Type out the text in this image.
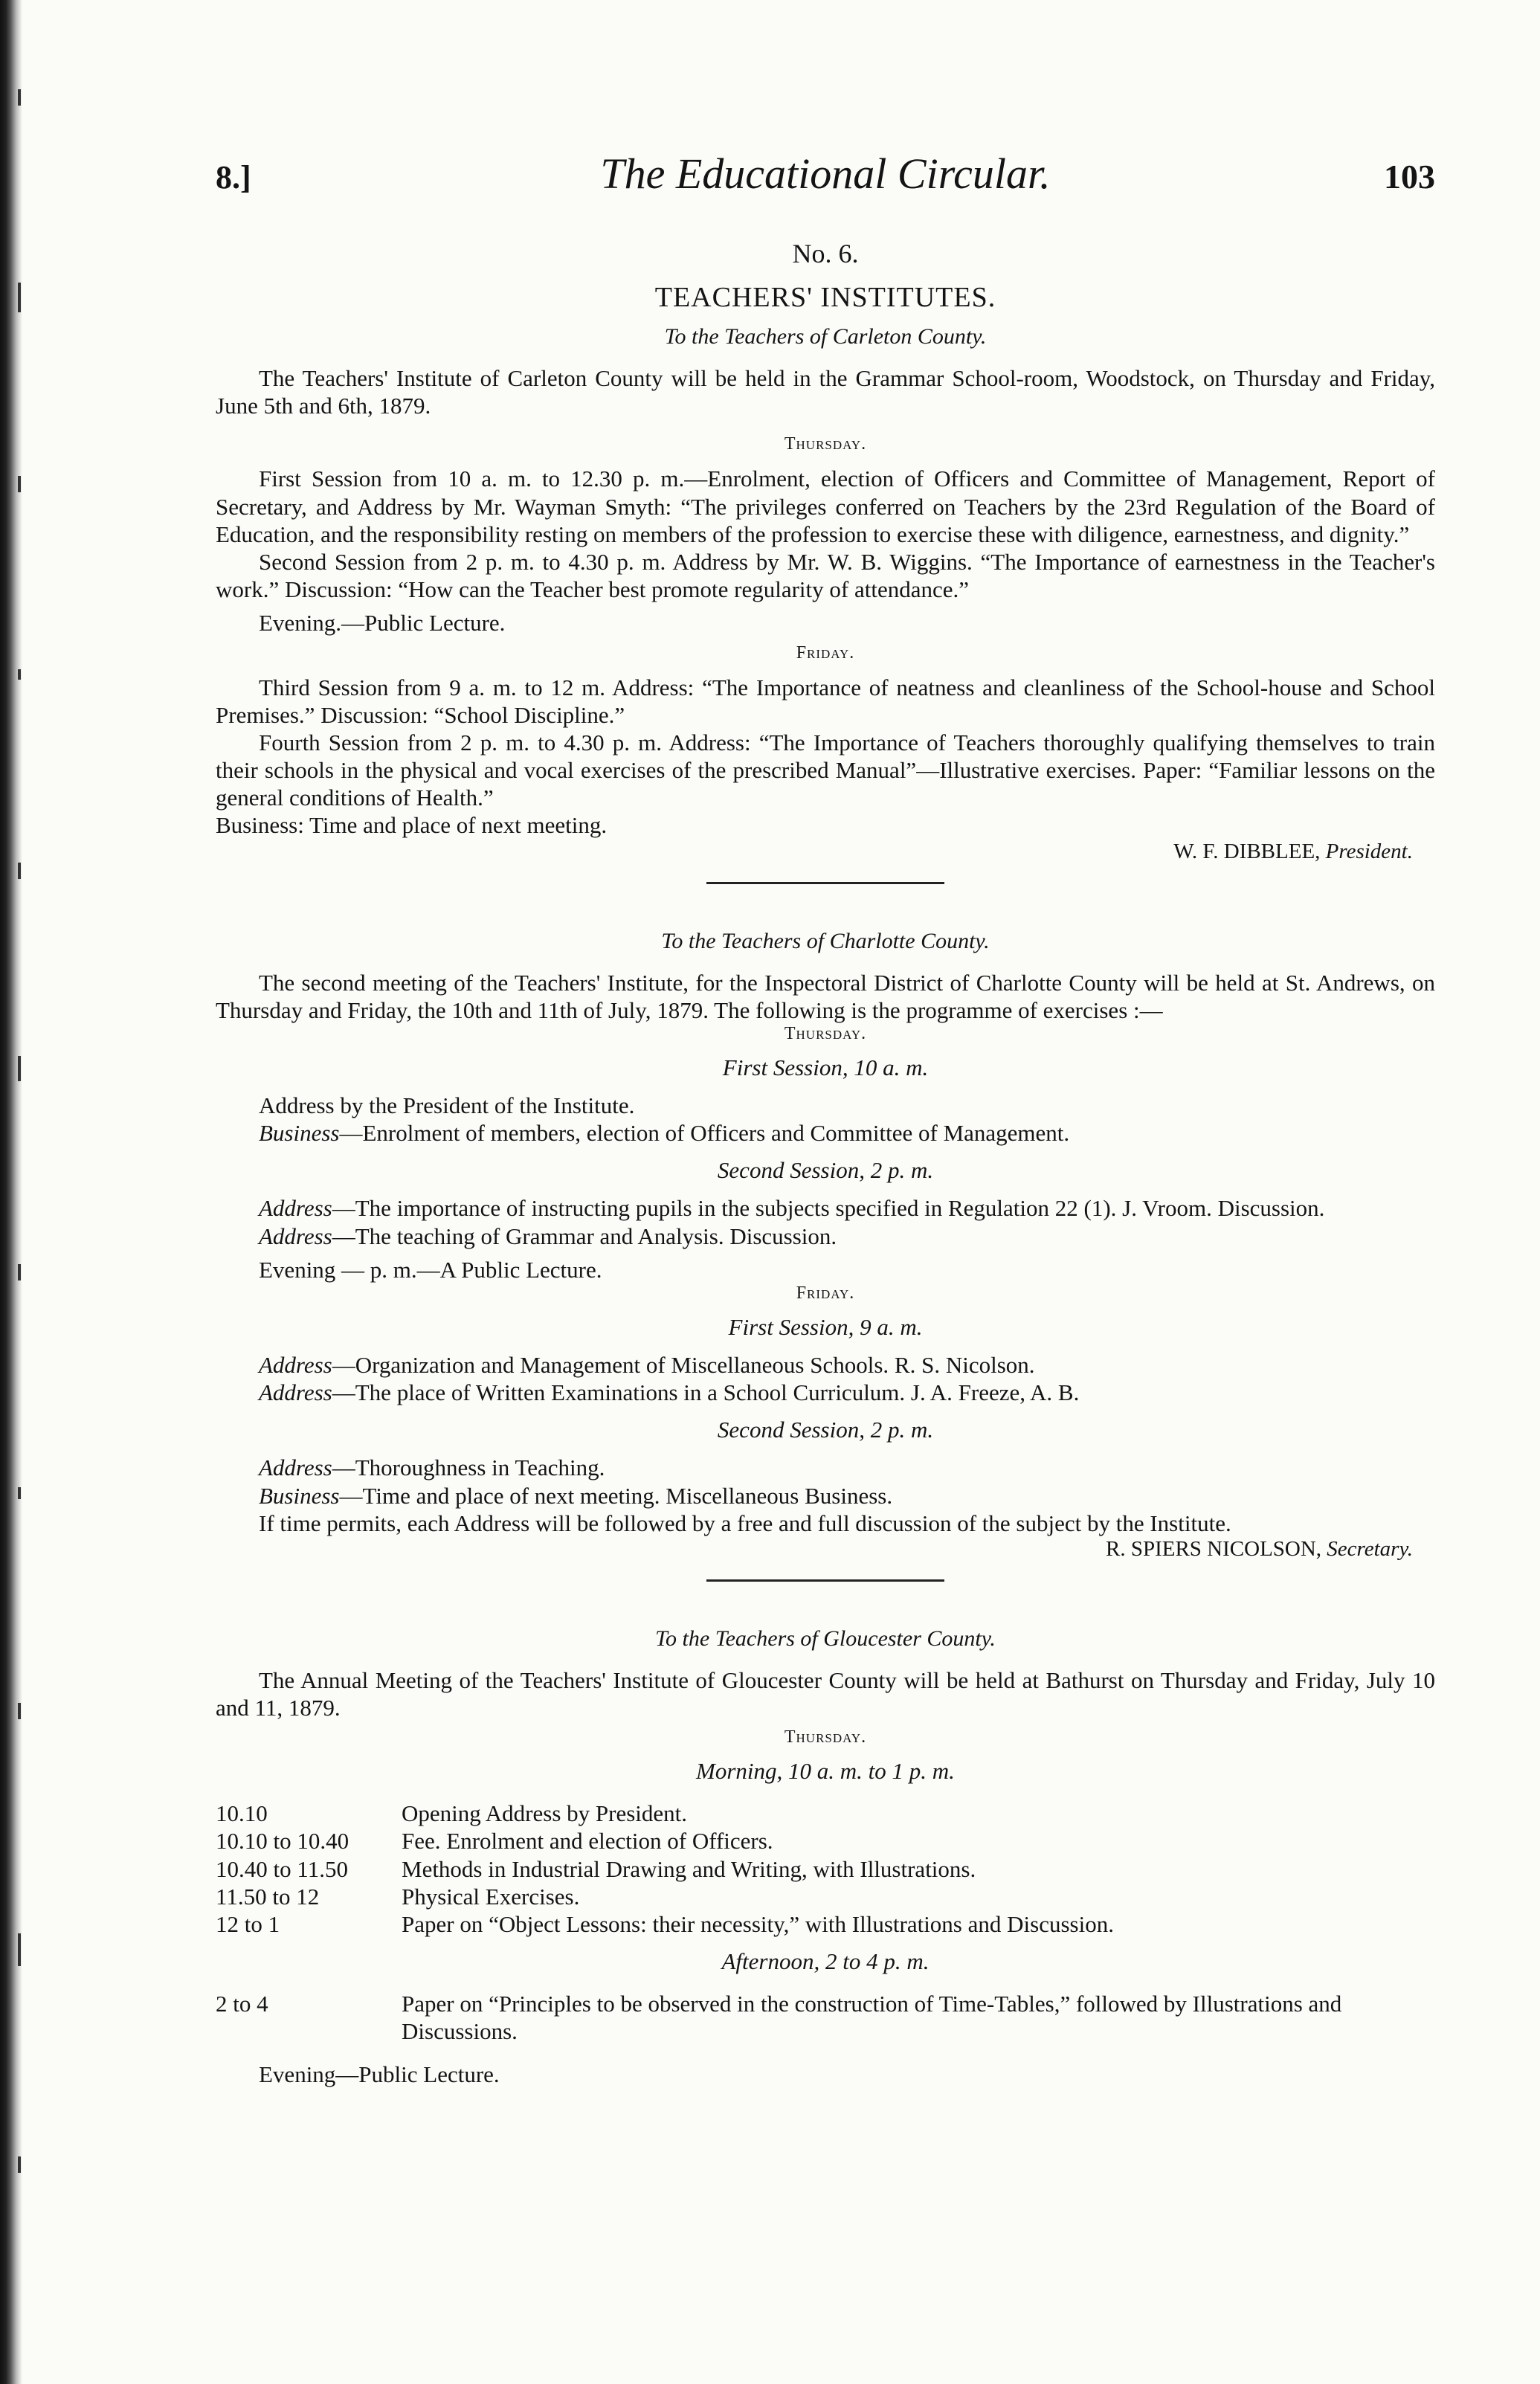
8.]	The Educational Circular.	103
No. 6.
TEACHERS' INSTITUTES.
To the Teachers of Carleton County.

The Teachers' Institute of Carleton County will be held in the Grammar School-room, Woodstock, on Thursday and Friday, June 5th and 6th, 1879.

Thursday.

First Session from 10 a. m. to 12.30 p. m.—Enrolment, election of Officers and Committee of Management, Report of Secretary, and Address by Mr. Wayman Smyth: “The privileges conferred on Teachers by the 23rd Regulation of the Board of Education, and the responsibility resting on members of the profession to exercise these with diligence, earnestness, and dignity.”

Second Session from 2 p. m. to 4.30 p. m. Address by Mr. W. B. Wiggins. “The Importance of earnestness in the Teacher's work.” Discussion: “How can the Teacher best promote regularity of attendance.”

Evening.—Public Lecture.

Friday.

Third Session from 9 a. m. to 12 m. Address: “The Importance of neatness and cleanliness of the School-house and School Premises.” Discussion: “School Discipline.”

Fourth Session from 2 p. m. to 4.30 p. m. Address: “The Importance of Teachers thoroughly qualifying themselves to train their schools in the physical and vocal exercises of the prescribed Manual”—Illustrative exercises. Paper: “Familiar lessons on the general conditions of Health.”

Business: Time and place of next meeting.

W. F. DIBBLEE, President.
To the Teachers of Charlotte County.

The second meeting of the Teachers' Institute, for the Inspectoral District of Charlotte County will be held at St. Andrews, on Thursday and Friday, the 10th and 11th of July, 1879. The following is the programme of exercises :—

Thursday.
First Session, 10 a. m.

Address by the President of the Institute.

Business—Enrolment of members, election of Officers and Committee of Management.

Second Session, 2 p. m.

Address—The importance of instructing pupils in the subjects specified in Regulation 22 (1). J. Vroom. Discussion.

Address—The teaching of Grammar and Analysis. Discussion.

Evening — p. m.—A Public Lecture.

Friday.
First Session, 9 a. m.

Address—Organization and Management of Miscellaneous Schools. R. S. Nicolson.

Address—The place of Written Examinations in a School Curriculum. J. A. Freeze, A. B.

Second Session, 2 p. m.

Address—Thoroughness in Teaching.

Business—Time and place of next meeting. Miscellaneous Business.

If time permits, each Address will be followed by a free and full discussion of the subject by the Institute.

R. SPIERS NICOLSON, Secretary.
To the Teachers of Gloucester County.

The Annual Meeting of the Teachers' Institute of Gloucester County will be held at Bathurst on Thursday and Friday, July 10 and 11, 1879.

Thursday.
Morning, 10 a. m. to 1 p. m.
10.10	Opening Address by President.
10.10 to 10.40	Fee. Enrolment and election of Officers.
10.40 to 11.50	Methods in Industrial Drawing and Writing, with Illustrations.
11.50 to 12	Physical Exercises.
12 to 1	Paper on “Object Lessons: their necessity,” with Illustrations and Discussion.
Afternoon, 2 to 4 p. m.
2 to 4	Paper on “Principles to be observed in the construction of Time-Tables,” followed by Illustrations and Discussions.

Evening—Public Lecture.
